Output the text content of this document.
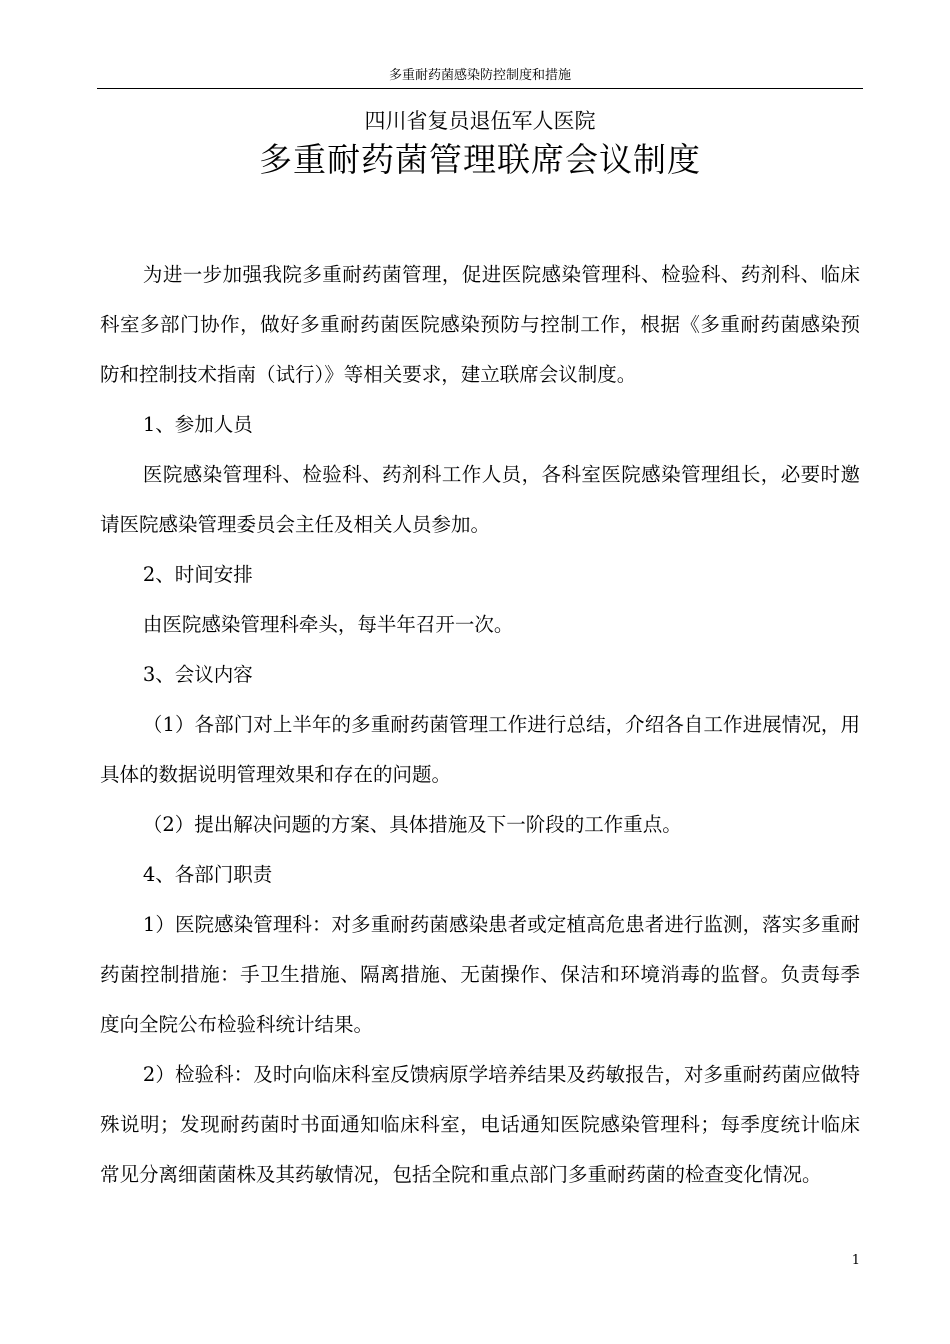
多重耐药菌感染防控制度和措施
四川省复员退伍军人医院
多重耐药菌管理联席会议制度

为进一步加强我院多重耐药菌管理，促进医院感染管理科、检验科、药剂科、临床科室多部门协作，做好多重耐药菌医院感染预防与控制工作，根据《多重耐药菌感染预防和控制技术指南（试行）》等相关要求，建立联席会议制度。

1、参加人员

医院感染管理科、检验科、药剂科工作人员，各科室医院感染管理组长，必要时邀请医院感染管理委员会主任及相关人员参加。

2、时间安排

由医院感染管理科牵头，每半年召开一次。

3、会议内容

（1）各部门对上半年的多重耐药菌管理工作进行总结，介绍各自工作进展情况，用具体的数据说明管理效果和存在的问题。

（2）提出解决问题的方案、具体措施及下一阶段的工作重点。

4、各部门职责

1）医院感染管理科：对多重耐药菌感染患者或定植高危患者进行监测，落实多重耐药菌控制措施：手卫生措施、隔离措施、无菌操作、保洁和环境消毒的监督。负责每季度向全院公布检验科统计结果。

2）检验科：及时向临床科室反馈病原学培养结果及药敏报告，对多重耐药菌应做特殊说明；发现耐药菌时书面通知临床科室，电话通知医院感染管理科；每季度统计临床常见分离细菌菌株及其药敏情况，包括全院和重点部门多重耐药菌的检查变化情况。

1
